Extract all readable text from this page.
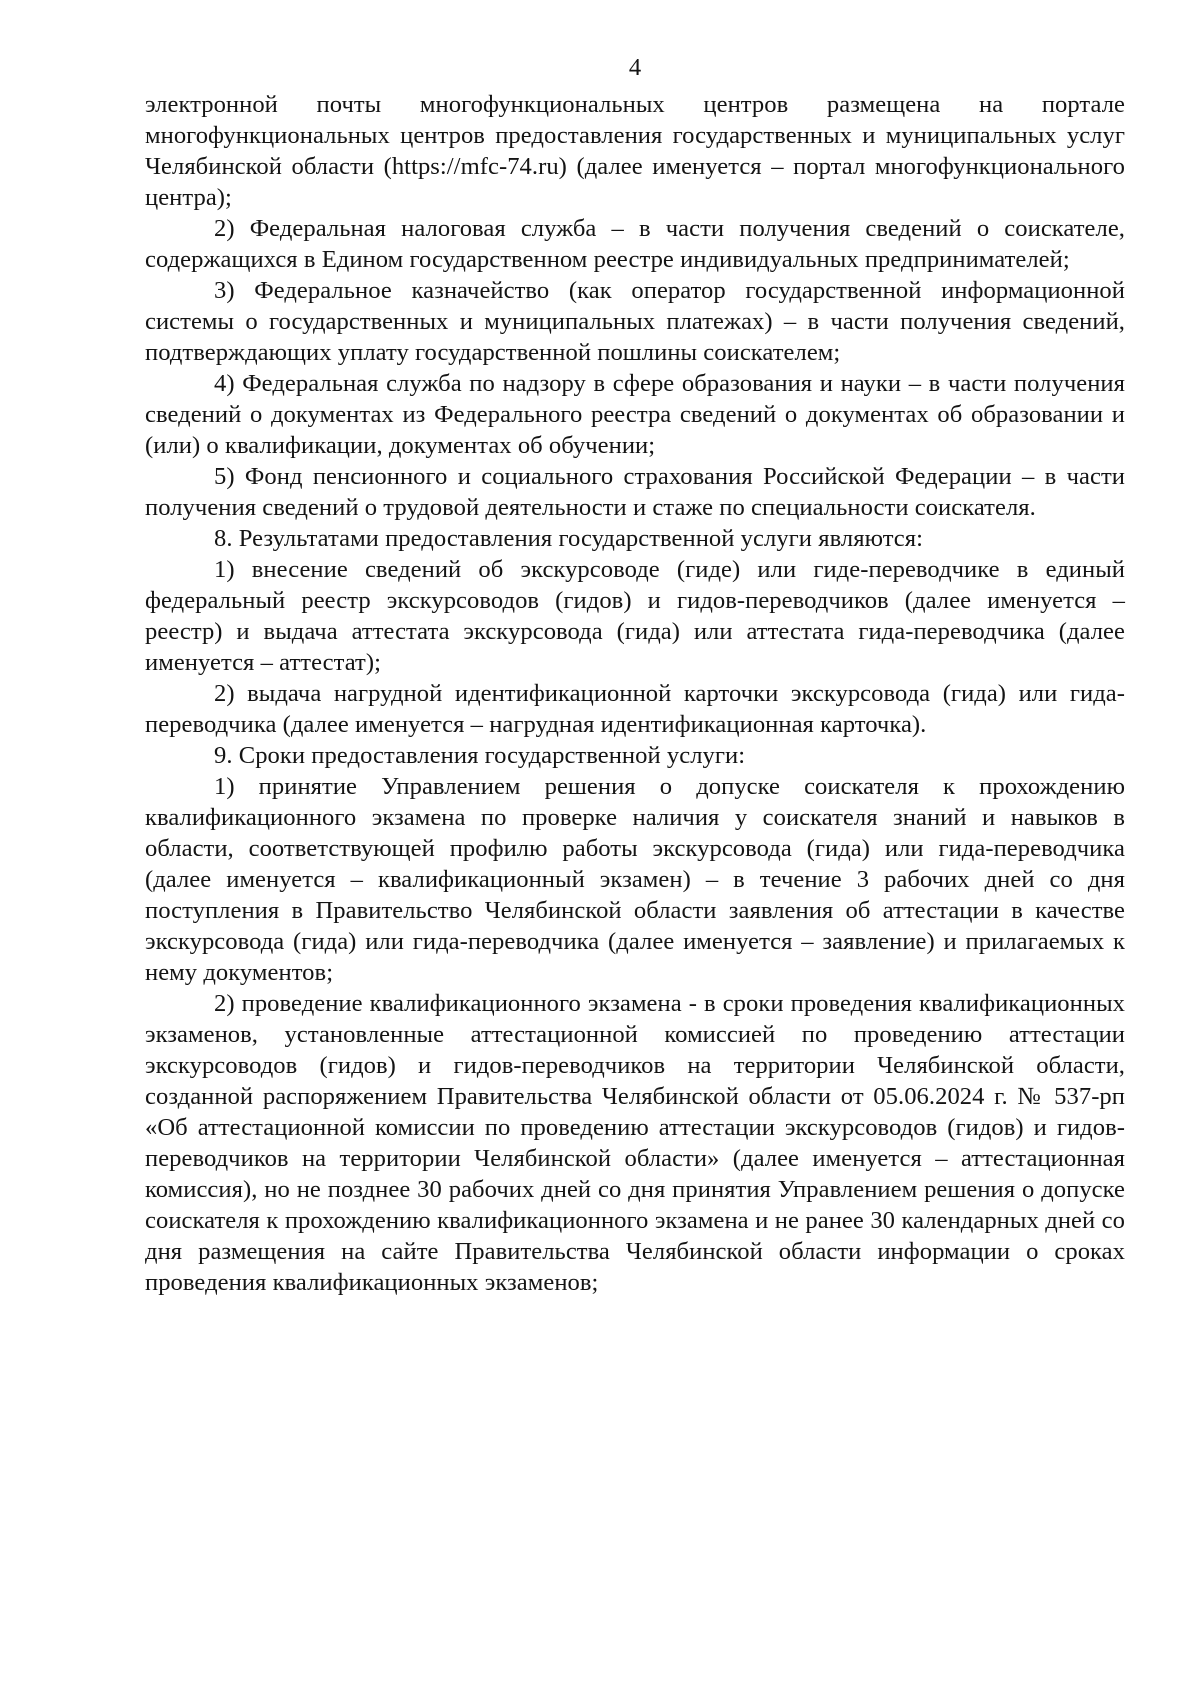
4

электронной почты многофункциональных центров размещена на портале многофункциональных центров предоставления государственных и муниципальных услуг Челябинской области (https://mfc-74.ru) (далее именуется – портал многофункционального центра);

2) Федеральная налоговая служба – в части получения сведений о соискателе, содержащихся в Едином государственном реестре индивидуальных предпринимателей;

3) Федеральное казначейство (как оператор государственной информационной системы о государственных и муниципальных платежах) – в части получения сведений, подтверждающих уплату государственной пошлины соискателем;

4) Федеральная служба по надзору в сфере образования и науки – в части получения сведений о документах из Федерального реестра сведений о документах об образовании и (или) о квалификации, документах об обучении;

5) Фонд пенсионного и социального страхования Российской Федерации – в части получения сведений о трудовой деятельности и стаже по специальности соискателя.

8. Результатами предоставления государственной услуги являются:

1) внесение сведений об экскурсоводе (гиде) или гиде-переводчике в единый федеральный реестр экскурсоводов (гидов) и гидов-переводчиков (далее именуется – реестр) и выдача аттестата экскурсовода (гида) или аттестата гида-переводчика (далее именуется – аттестат);

2) выдача нагрудной идентификационной карточки экскурсовода (гида) или гида-переводчика (далее именуется – нагрудная идентификационная карточка).

9. Сроки предоставления государственной услуги:

1) принятие Управлением решения о допуске соискателя к прохождению квалификационного экзамена по проверке наличия у соискателя знаний и навыков в области, соответствующей профилю работы экскурсовода (гида) или гида-переводчика (далее именуется – квалификационный экзамен) – в течение 3 рабочих дней со дня поступления в Правительство Челябинской области заявления об аттестации в качестве экскурсовода (гида) или гида-переводчика (далее именуется – заявление) и прилагаемых к нему документов;

2) проведение квалификационного экзамена - в сроки проведения квалификационных экзаменов, установленные аттестационной комиссией по проведению аттестации экскурсоводов (гидов) и гидов-переводчиков на территории Челябинской области, созданной распоряжением Правительства Челябинской области от 05.06.2024 г. № 537-рп «Об аттестационной комиссии по проведению аттестации экскурсоводов (гидов) и гидов-переводчиков на территории Челябинской области» (далее именуется – аттестационная комиссия), но не позднее 30 рабочих дней со дня принятия Управлением решения о допуске соискателя к прохождению квалификационного экзамена и не ранее 30 календарных дней со дня размещения на сайте Правительства Челябинской области информации о сроках проведения квалификационных экзаменов;
